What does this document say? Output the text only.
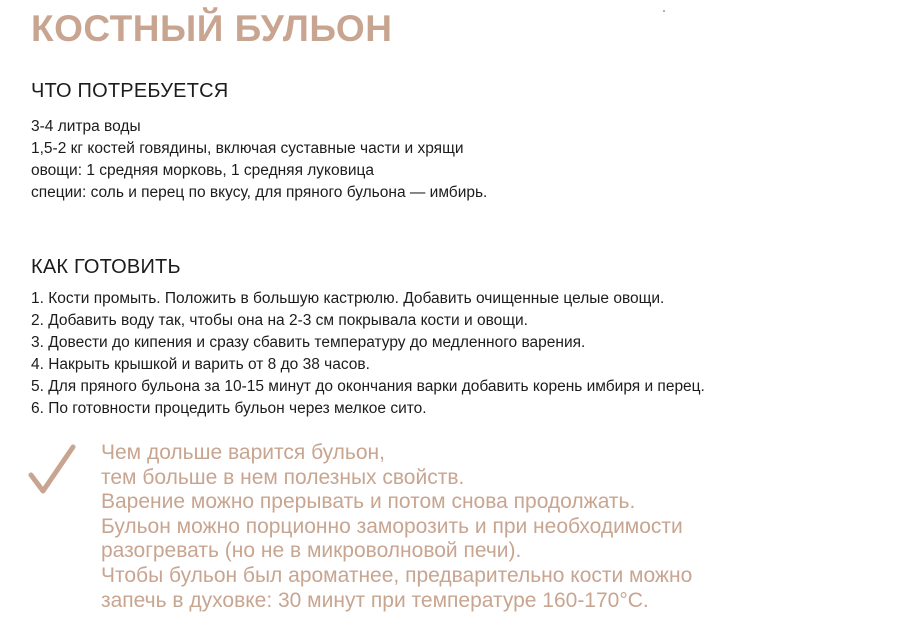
КОСТНЫЙ БУЛЬОН
ЧТО ПОТРЕБУЕТСЯ
3-4 литра воды
1,5-2 кг костей говядины, включая суставные части и хрящи
овощи: 1 средняя морковь, 1 средняя луковица
специи: соль и перец по вкусу, для пряного бульона — имбирь.
КАК ГОТОВИТЬ
1. Кости промыть. Положить в большую кастрюлю. Добавить очищенные целые овощи.
2. Добавить воду так, чтобы она на 2-3 см покрывала кости и овощи.
3. Довести до кипения и сразу сбавить температуру до медленного варения.
4. Накрыть крышкой и варить от 8 до 38 часов.
5. Для пряного бульона за 10-15 минут до окончания варки добавить корень имбиря и перец.
6. По готовности процедить бульон через мелкое сито.
Чем дольше варится бульон,
тем больше в нем полезных свойств.
Варение можно прерывать и потом снова продолжать.
Бульон можно порционно заморозить и при необходимости
разогревать (но не в микроволновой печи).
Чтобы бульон был ароматнее, предварительно кости можно
запечь в духовке: 30 минут при температуре 160-170°С.
